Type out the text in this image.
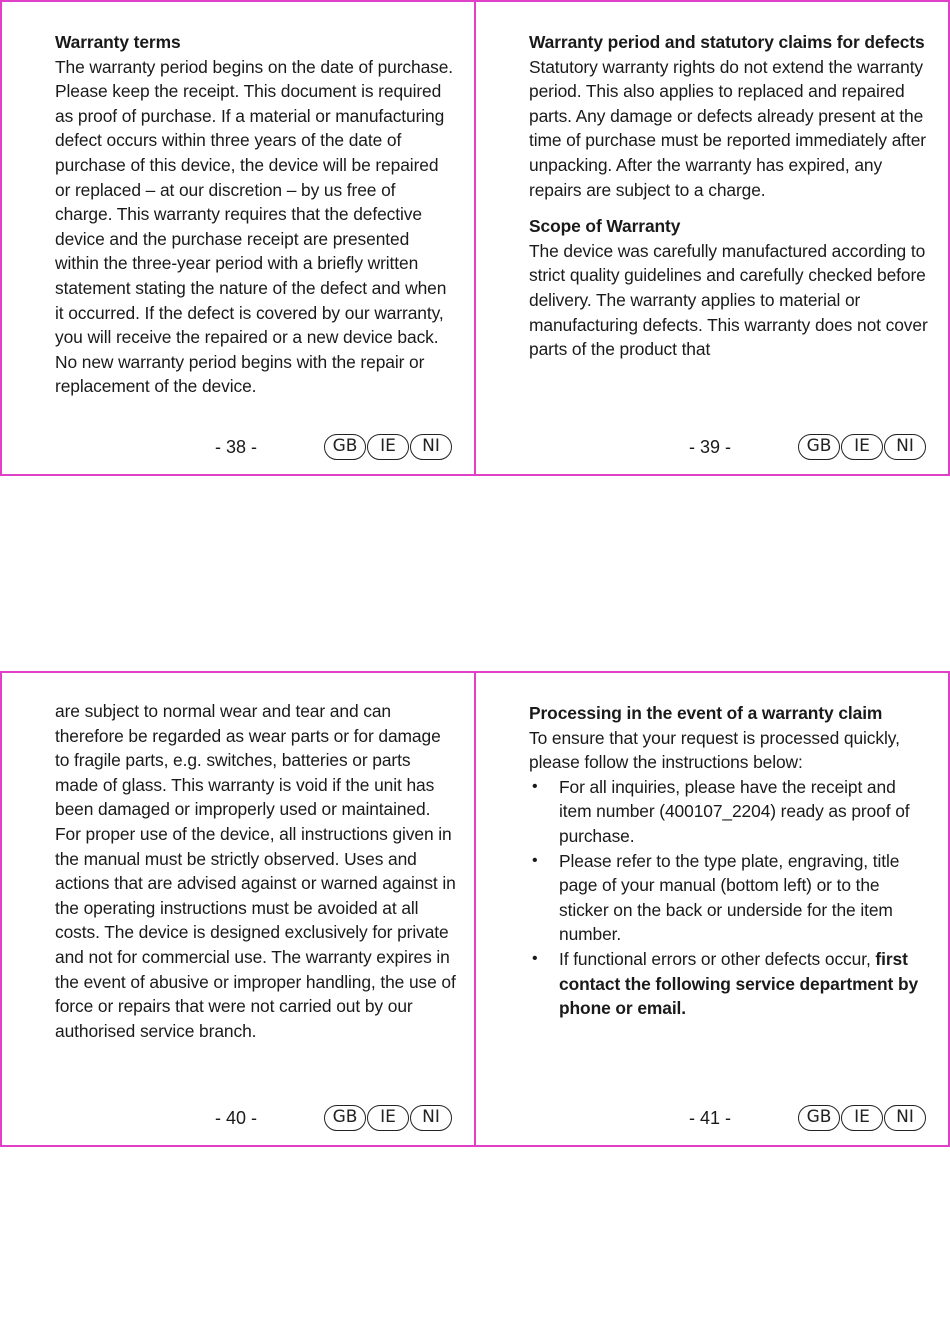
Warranty terms

The warranty period begins on the date of purchase. Please keep the receipt. This document is required as proof of purchase. If a material or manufacturing defect occurs within three years of the date of purchase of this device, the device will be repaired or replaced – at our discretion – by us free of charge. This warranty requires that the defective device and the purchase receipt are presented within the three-year period with a briefly written statement stating the nature of the defect and when it occurred. If the defect is covered by our warranty, you will receive the repaired or a new device back. No new warranty period begins with the repair or replacement of the device.

- 38 -	GB	IE	NI

Warranty period and statutory claims for defects

Statutory warranty rights do not extend the warranty period. This also applies to replaced and repaired parts. Any damage or defects already present at the time of purchase must be reported immediately after unpacking. After the warranty has expired, any repairs are subject to a charge.

Scope of Warranty

The device was carefully manufactured according to strict quality guidelines and carefully checked before delivery. The warranty applies to material or manufacturing defects. This warranty does not cover parts of the product that

- 39 -	GB	IE	NI

are subject to normal wear and tear and can therefore be regarded as wear parts or for damage to fragile parts, e.g. switches, batteries or parts made of glass. This warranty is void if the unit has been damaged or improperly used or maintained. For proper use of the device, all instructions given in the manual must be strictly observed. Uses and actions that are advised against or warned against in the operating instructions must be avoided at all costs. The device is designed exclusively for private and not for commercial use. The warranty expires in the event of abusive or improper handling, the use of force or repairs that were not carried out by our authorised service branch.

- 40 -	GB	IE	NI

Processing in the event of a warranty claim

To ensure that your request is processed quickly, please follow the instructions below:

• For all inquiries, please have the receipt and item number (400107_2204) ready as proof of purchase.
• Please refer to the type plate, engraving, title page of your manual (bottom left) or to the sticker on the back or underside for the item number.
• If functional errors or other defects occur, first contact the following service department by phone or email.
- 41 -	GB	IE	NI
